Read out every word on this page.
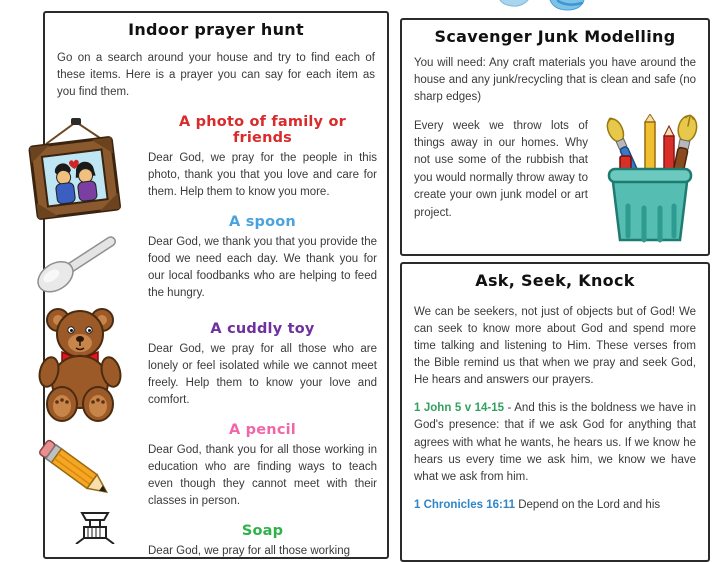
Indoor prayer hunt

Go on a search around your house and try to find each of these items. Here is a prayer you can say for each item as you find them.

A photo of family or friends

Dear God, we pray for the people in this photo, thank you that you love and care for them. Help them to know you more.

A spoon

Dear God, we thank you that you provide the food we need each day. We thank you for our local foodbanks who are helping to feed the hungry.

A cuddly toy

Dear God, we pray for all those who are lonely or feel isolated while we cannot meet freely. Help them to know your love and comfort.

A pencil

Dear God, thank you for all those working in education who are finding ways to teach even though they cannot meet with their classes in person.

Soap

Dear God, we pray for all those working

Scavenger Junk Modelling

You will need: Any craft materials you have around the house and any junk/recycling that is clean and safe (no sharp edges)

Every week we throw lots of things away in our homes. Why not use some of the rubbish that you would normally throw away to create your own junk model or art project.

Ask, Seek, Knock

We can be seekers, not just of objects but of God! We can seek to know more about God and spend more time talking and listening to Him. These verses from the Bible remind us that when we pray and seek God, He hears and answers our prayers.

1 John 5 v 14-15 - And this is the boldness we have in God's presence: that if we ask God for anything that agrees with what he wants, he hears us. If we know he hears us every time we ask him, we know we have what we ask from him.

1 Chronicles 16:11 Depend on the Lord and his
